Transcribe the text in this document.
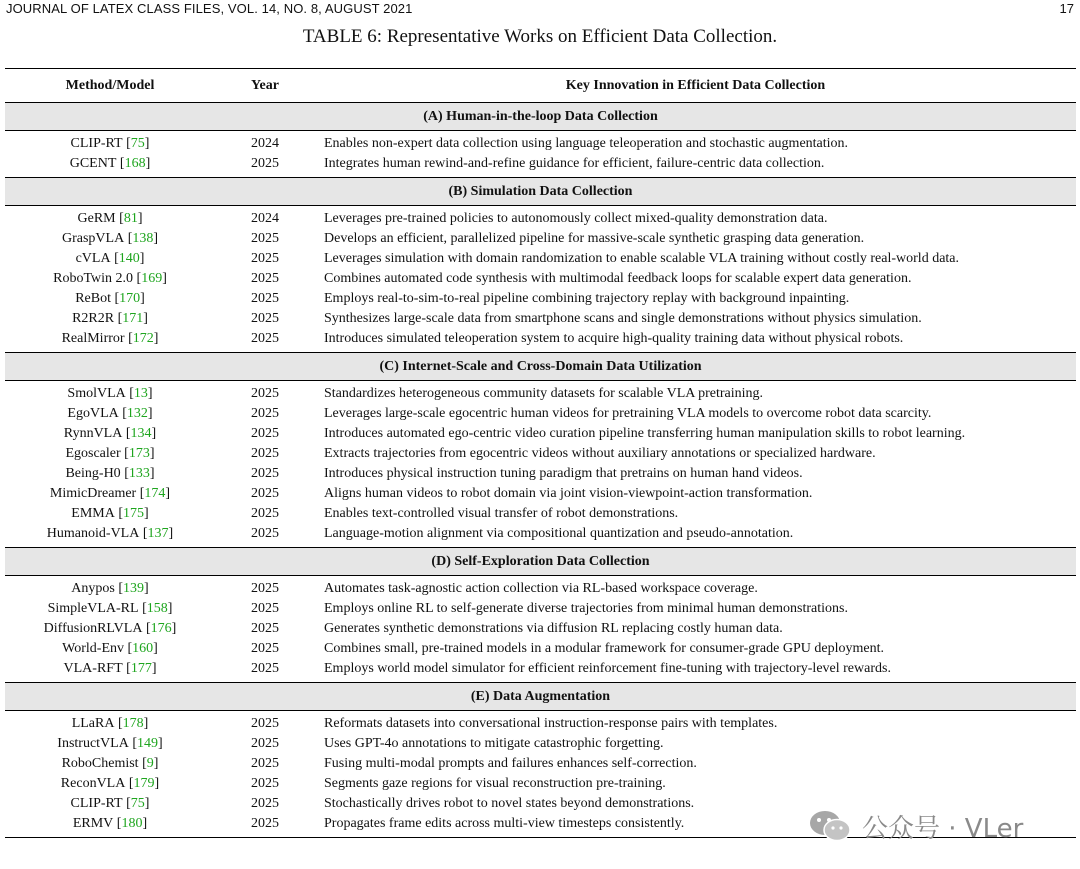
JOURNAL OF LATEX CLASS FILES, VOL. 14, NO. 8, AUGUST 2021	17
TABLE 6: Representative Works on Efficient Data Collection.
Method/Model	Year	Key Innovation in Efficient Data Collection
(A) Human-in-the-loop Data Collection		

CLIP-RT [75]	2024	Enables non-expert data collection using language teleoperation and stochastic augmentation.
GCENT [168]	2025	Integrates human rewind-and-refine guidance for efficient, failure-centric data collection.

(B) Simulation Data Collection		

GeRM [81]	2024	Leverages pre-trained policies to autonomously collect mixed-quality demonstration data.
GraspVLA [138]	2025	Develops an efficient, parallelized pipeline for massive-scale synthetic grasping data generation.
cVLA [140]	2025	Leverages simulation with domain randomization to enable scalable VLA training without costly real-world data.
RoboTwin 2.0 [169]	2025	Combines automated code synthesis with multimodal feedback loops for scalable expert data generation.
ReBot [170]	2025	Employs real-to-sim-to-real pipeline combining trajectory replay with background inpainting.
R2R2R [171]	2025	Synthesizes large-scale data from smartphone scans and single demonstrations without physics simulation.
RealMirror [172]	2025	Introduces simulated teleoperation system to acquire high-quality training data without physical robots.

(C) Internet-Scale and Cross-Domain Data Utilization		

SmolVLA [13]	2025	Standardizes heterogeneous community datasets for scalable VLA pretraining.
EgoVLA [132]	2025	Leverages large-scale egocentric human videos for pretraining VLA models to overcome robot data scarcity.
RynnVLA [134]	2025	Introduces automated ego-centric video curation pipeline transferring human manipulation skills to robot learning.
Egoscaler [173]	2025	Extracts trajectories from egocentric videos without auxiliary annotations or specialized hardware.
Being-H0 [133]	2025	Introduces physical instruction tuning paradigm that pretrains on human hand videos.
MimicDreamer [174]	2025	Aligns human videos to robot domain via joint vision-viewpoint-action transformation.
EMMA [175]	2025	Enables text-controlled visual transfer of robot demonstrations.
Humanoid-VLA [137]	2025	Language-motion alignment via compositional quantization and pseudo-annotation.

(D) Self-Exploration Data Collection		

Anypos [139]	2025	Automates task-agnostic action collection via RL-based workspace coverage.
SimpleVLA-RL [158]	2025	Employs online RL to self-generate diverse trajectories from minimal human demonstrations.
DiffusionRLVLA [176]	2025	Generates synthetic demonstrations via diffusion RL replacing costly human data.
World-Env [160]	2025	Combines small, pre-trained models in a modular framework for consumer-grade GPU deployment.
VLA-RFT [177]	2025	Employs world model simulator for efficient reinforcement fine-tuning with trajectory-level rewards.

(E) Data Augmentation		

LLaRA [178]	2025	Reformats datasets into conversational instruction-response pairs with templates.
InstructVLA [149]	2025	Uses GPT-4o annotations to mitigate catastrophic forgetting.
RoboChemist [9]	2025	Fusing multi-modal prompts and failures enhances self-correction.
ReconVLA [179]	2025	Segments gaze regions for visual reconstruction pre-training.
CLIP-RT [75]	2025	Stochastically drives robot to novel states beyond demonstrations.
ERMV [180]	2025	Propagates frame edits across multi-view timesteps consistently.	公众号 · VLer
